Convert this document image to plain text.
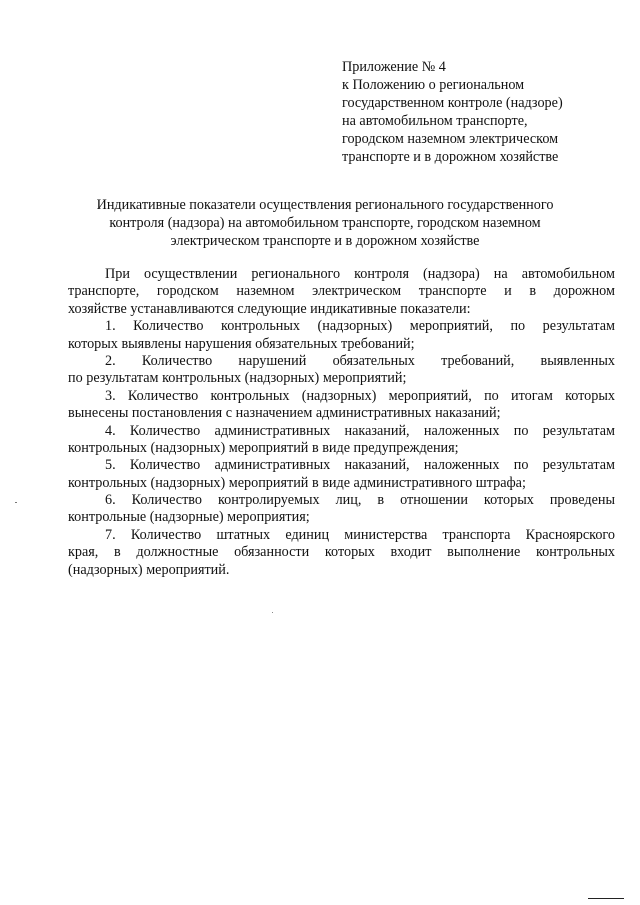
Приложение № 4
к Положению о региональном
государственном контроле (надзоре)
на автомобильном транспорте,
городском наземном электрическом
транспорте и в дорожном хозяйстве
Индикативные показатели осуществления регионального государственного
контроля (надзора) на автомобильном транспорте, городском наземном
электрическом транспорте и в дорожном хозяйстве
При осуществлении регионального контроля (надзора) на автомобильном
транспорте, городском наземном электрическом транспорте и в дорожном
хозяйстве устанавливаются следующие индикативные показатели:
1. Количество контрольных (надзорных) мероприятий, по результатам
которых выявлены нарушения обязательных требований;
2. Количество нарушений обязательных требований, выявленных
по результатам контрольных (надзорных) мероприятий;
3. Количество контрольных (надзорных) мероприятий, по итогам которых
вынесены постановления с назначением административных наказаний;
4. Количество административных наказаний, наложенных по результатам
контрольных (надзорных) мероприятий в виде предупреждения;
5. Количество административных наказаний, наложенных по результатам
контрольных (надзорных) мероприятий в виде административного штрафа;
6. Количество контролируемых лиц, в отношении которых проведены
контрольные (надзорные) мероприятия;
7. Количество штатных единиц министерства транспорта Красноярского
края, в должностные обязанности которых входит выполнение контрольных
(надзорных) мероприятий.
